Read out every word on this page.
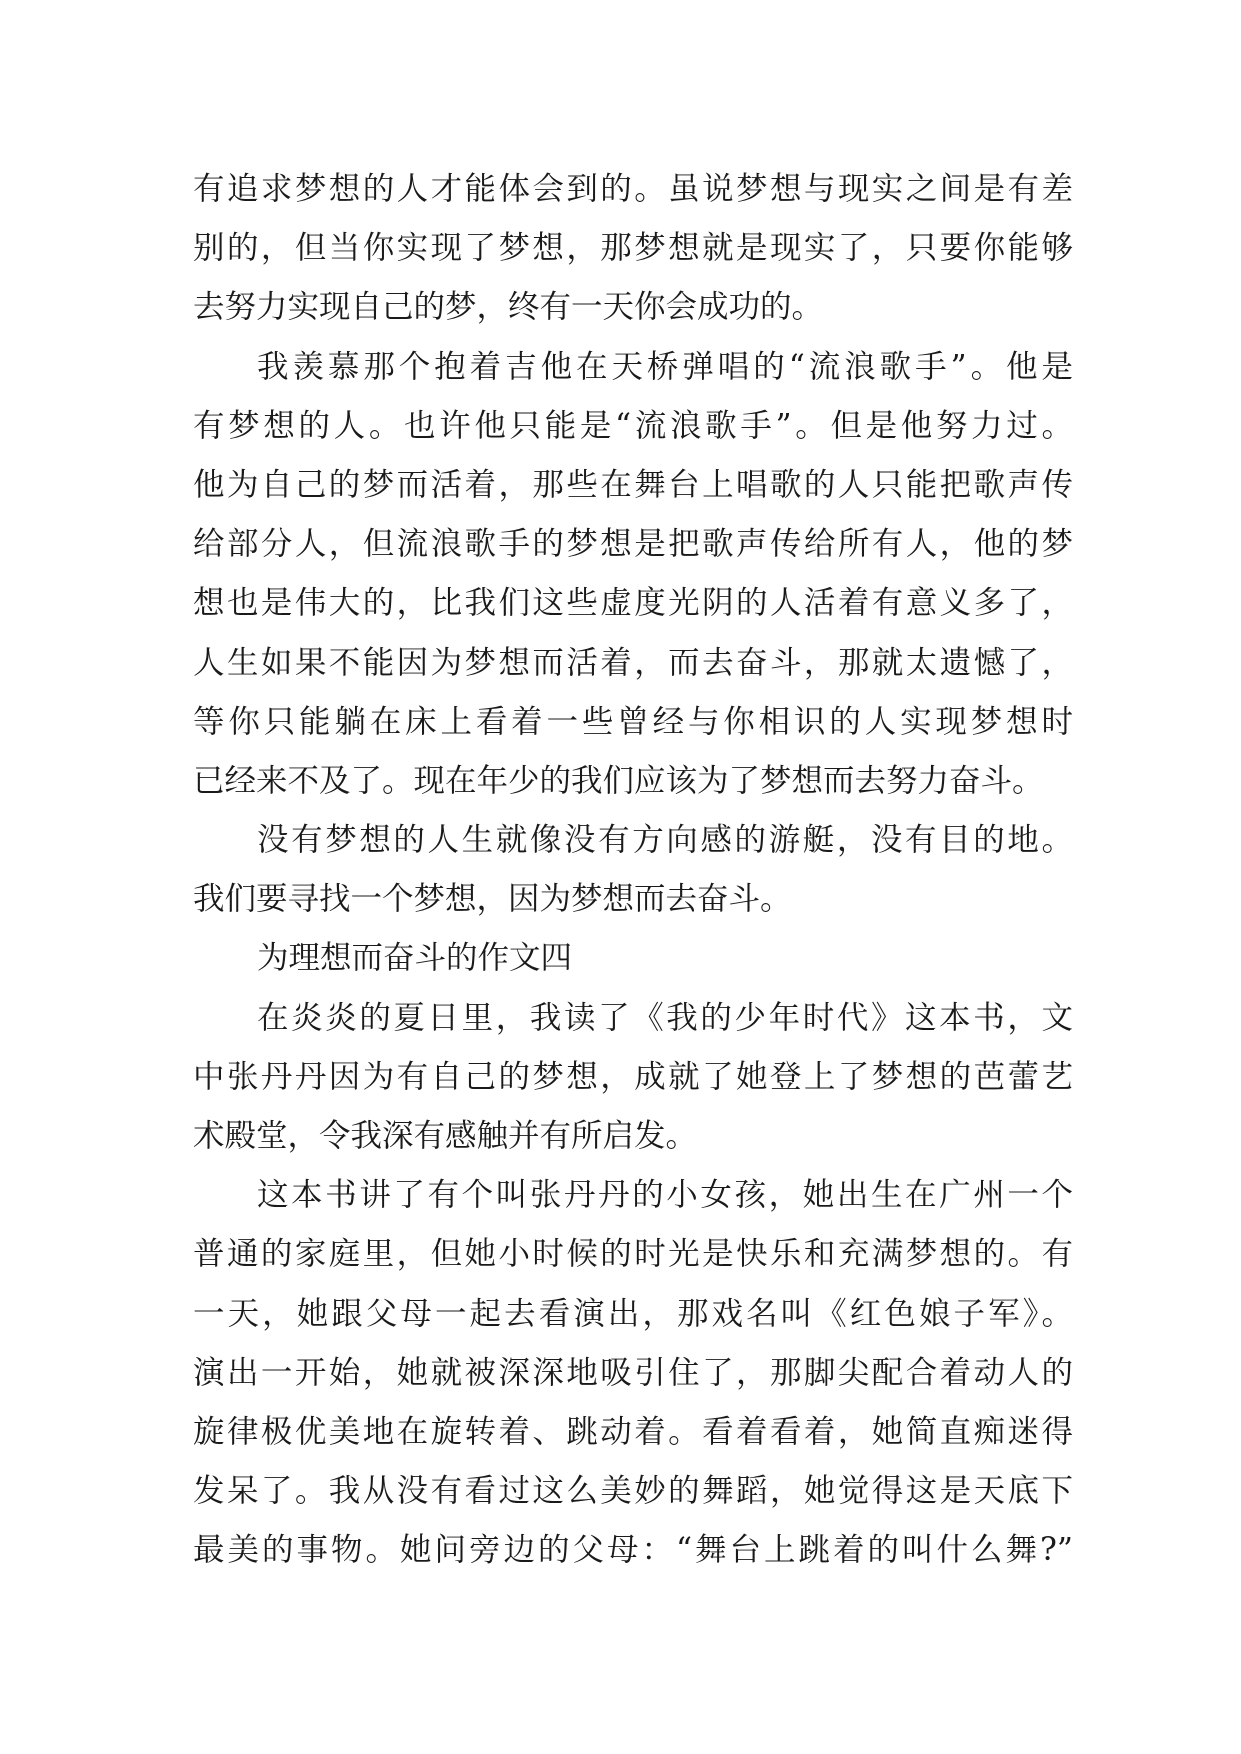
有追求梦想的人才能体会到的。虽说梦想与现实之间是有差
别的，但当你实现了梦想，那梦想就是现实了，只要你能够
去努力实现自己的梦，终有一天你会成功的。
我羡慕那个抱着吉他在天桥弹唱的“流浪歌手”。他是
有梦想的人。也许他只能是“流浪歌手”。但是他努力过。
他为自己的梦而活着，那些在舞台上唱歌的人只能把歌声传
给部分人，但流浪歌手的梦想是把歌声传给所有人，他的梦
想也是伟大的，比我们这些虚度光阴的人活着有意义多了，
人生如果不能因为梦想而活着，而去奋斗，那就太遗憾了，
等你只能躺在床上看着一些曾经与你相识的人实现梦想时
已经来不及了。现在年少的我们应该为了梦想而去努力奋斗。
没有梦想的人生就像没有方向感的游艇，没有目的地。
我们要寻找一个梦想，因为梦想而去奋斗。
为理想而奋斗的作文四
在炎炎的夏日里，我读了《我的少年时代》这本书，文
中张丹丹因为有自己的梦想，成就了她登上了梦想的芭蕾艺
术殿堂，令我深有感触并有所启发。
这本书讲了有个叫张丹丹的小女孩，她出生在广州一个
普通的家庭里，但她小时候的时光是快乐和充满梦想的。有
一天，她跟父母一起去看演出，那戏名叫《红色娘子军》。
演出一开始，她就被深深地吸引住了，那脚尖配合着动人的
旋律极优美地在旋转着、跳动着。看着看着，她简直痴迷得
发呆了。我从没有看过这么美妙的舞蹈，她觉得这是天底下
最美的事物。她问旁边的父母：“舞台上跳着的叫什么舞?”
